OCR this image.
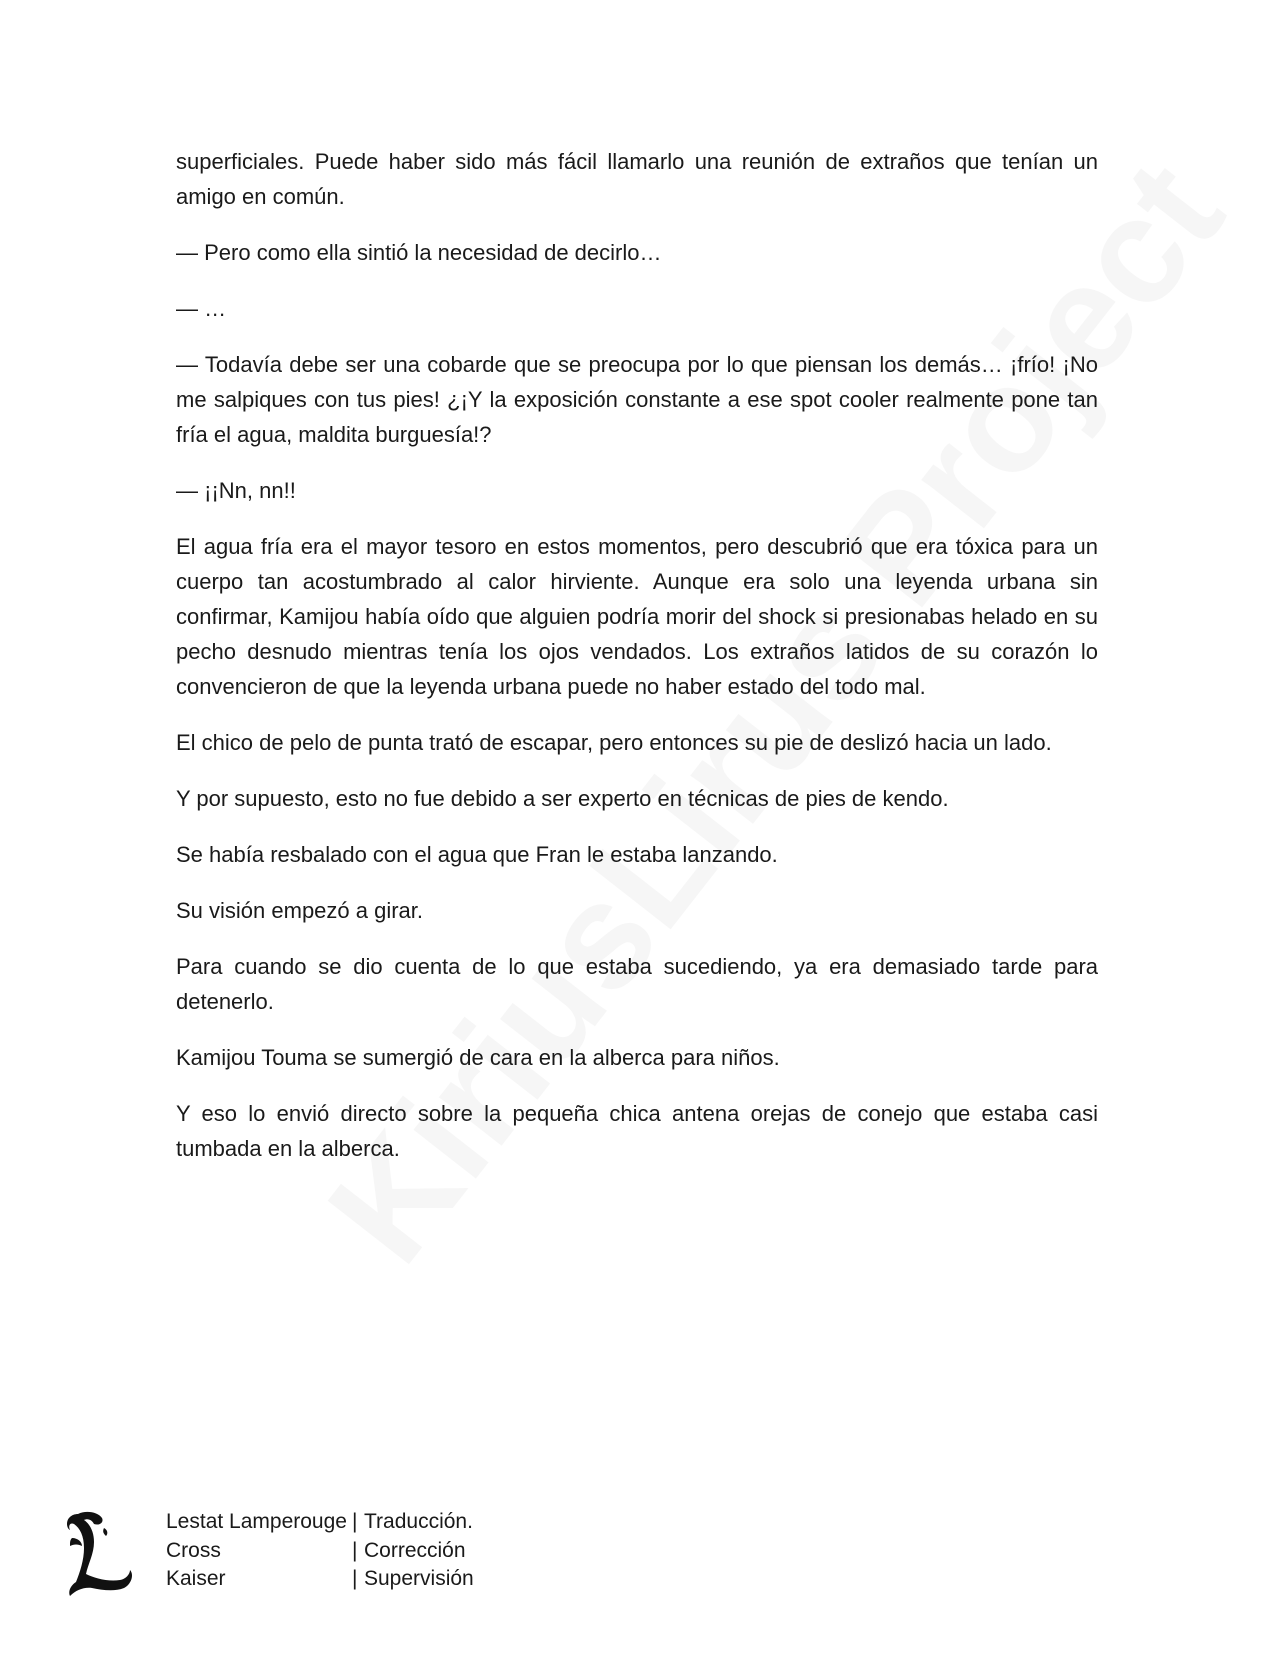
superficiales. Puede haber sido más fácil llamarlo una reunión de extraños que tenían un amigo en común.

— Pero como ella sintió la necesidad de decirlo…

— …

— Todavía debe ser una cobarde que se preocupa por lo que piensan los demás… ¡frío! ¡No me salpiques con tus pies! ¿¡Y la exposición constante a ese spot cooler realmente pone tan fría el agua, maldita burguesía!?

— ¡¡Nn, nn!!

El agua fría era el mayor tesoro en estos momentos, pero descubrió que era tóxica para un cuerpo tan acostumbrado al calor hirviente. Aunque era solo una leyenda urbana sin confirmar, Kamijou había oído que alguien podría morir del shock si presionabas helado en su pecho desnudo mientras tenía los ojos vendados. Los extraños latidos de su corazón lo convencieron de que la leyenda urbana puede no haber estado del todo mal.

El chico de pelo de punta trató de escapar, pero entonces su pie de deslizó hacia un lado.

Y por supuesto, esto no fue debido a ser experto en técnicas de pies de kendo.

Se había resbalado con el agua que Fran le estaba lanzando.

Su visión empezó a girar.

Para cuando se dio cuenta de lo que estaba sucediendo, ya era demasiado tarde para detenerlo.

Kamijou Touma se sumergió de cara en la alberca para niños.

Y eso lo envió directo sobre la pequeña chica antena orejas de conejo que estaba casi tumbada en la alberca.

Lestat Lamperouge | Traducción.
Cross	| Corrección
Kaiser	| Supervisión
